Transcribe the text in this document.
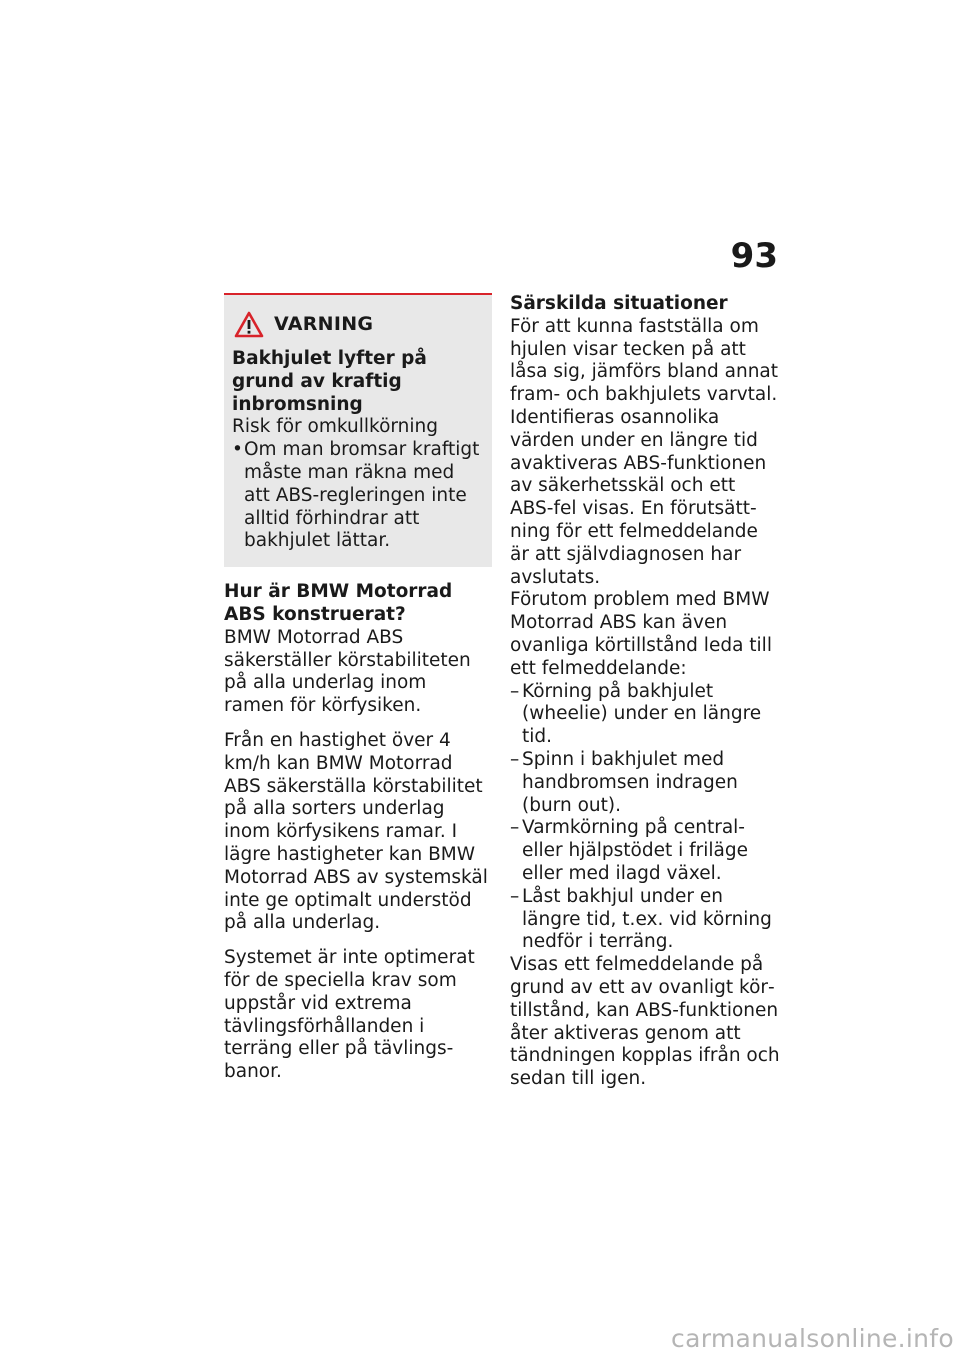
93
VARNING

Bakhjulet lyfter på grund av kraftig inbromsning

Risk för omkullkörning

• Om man bromsar kraftigt måste man räkna med att ABS-regleringen inte alltid förhindrar att bakhjulet lättar.

Hur är BMW Motorrad ABS konstruerat?

BMW Motorrad ABS säkerställer körstabiliteten på alla underlag inom ramen för körfysiken.

Från en hastighet över 4 km/h kan BMW Motorrad ABS säkerställa körstabilitet på alla sorters underlag inom körfysikens ramar. I lägre hastigheter kan BMW Motorrad ABS av systemskäl inte ge optimalt understöd på alla underlag.

Systemet är inte optimerat för de speciella krav som uppstår vid extrema tävlingsförhållanden i terräng eller på tävlingsbanor.

Särskilda situationer

För att kunna fastställa om hjulen visar tecken på att låsa sig, jämförs bland annat fram- och bakhjulets varvtal. Identifieras osannolika värden under en längre tid avaktiveras ABS-funktionen av säkerhetsskäl och ett ABS-fel visas. En förutsättning för ett felmeddelande är att självdiagnosen har avslutats.

Förutom problem med BMW Motorrad ABS kan även ovanliga körtillstånd leda till ett felmeddelande:

– Körning på bakhjulet (wheelie) under en längre tid.
– Spinn i bakhjulet med handbromsen indragen (burn out).
– Varmkörning på central- eller hjälpstödet i friläge eller med ilagd växel.
– Låst bakhjul under en längre tid, t.ex. vid körning nedför i terräng.

Visas ett felmeddelande på grund av ett av ovanligt körtillstånd, kan ABS-funktionen åter aktiveras genom att tändningen kopplas ifrån och sedan till igen.

carmanualsonline.info
